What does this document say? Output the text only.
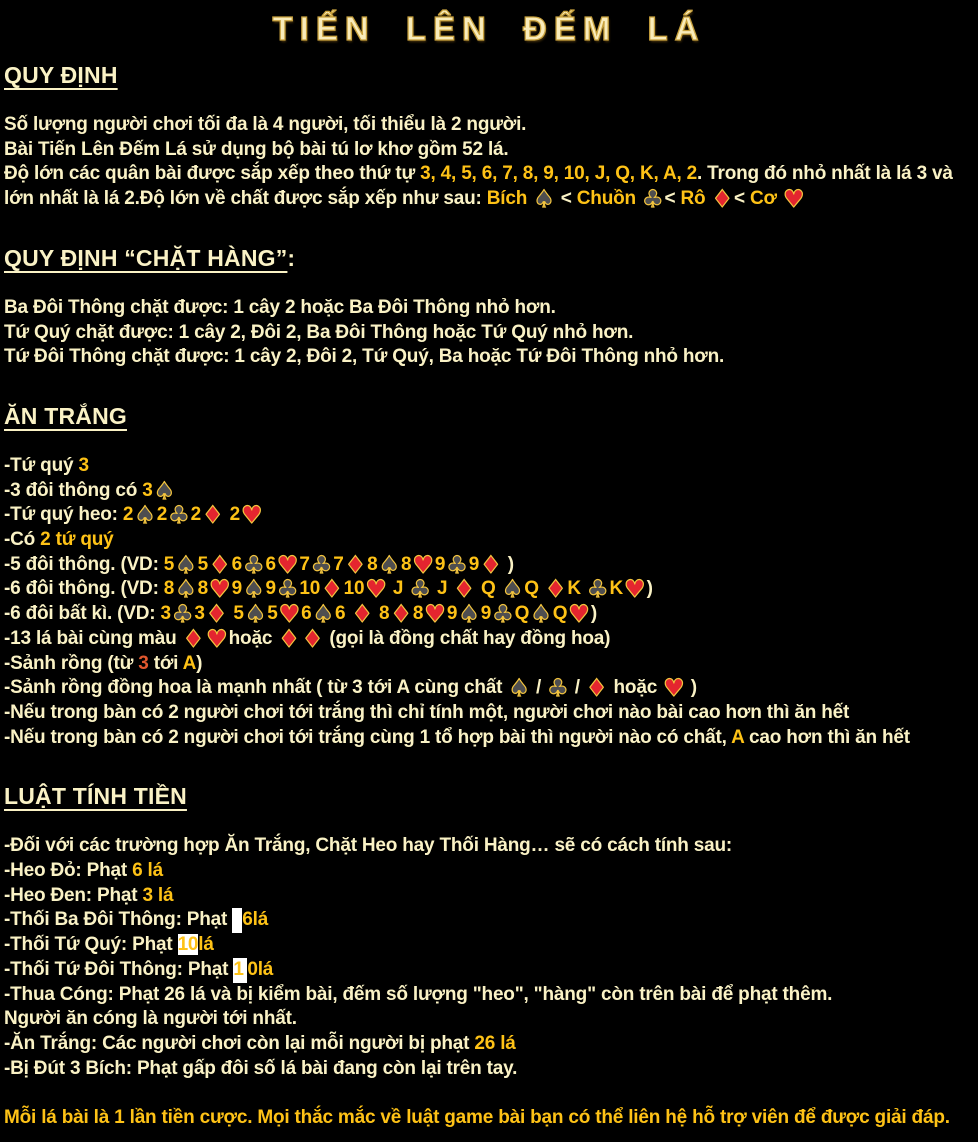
TIẾN LÊN ĐẾM LÁ
QUY ĐỊNH
Số lượng người chơi tối đa là 4 người, tối thiểu là 2 người.
Bài Tiến Lên Đếm Lá sử dụng bộ bài tú lơ khơ gồm 52 lá.
Độ lớn các quân bài được sắp xếp theo thứ tự 3, 4, 5, 6, 7, 8, 9, 10, J, Q, K, A, 2. Trong đó nhỏ nhất là lá 3 và lớn nhất là lá 2.Độ lớn về chất được sắp xếp như sau: Bích ♠ < Chuồn ♣< Rô ♦< Cơ ♥
QUY ĐỊNH “CHẶT HÀNG”:
Ba Đôi Thông chặt được: 1 cây 2 hoặc Ba Đôi Thông nhỏ hơn.
Tứ Quý chặt được: 1 cây 2, Đôi 2, Ba Đôi Thông hoặc Tứ Quý nhỏ hơn.
Tứ Đôi Thông chặt được: 1 cây 2, Đôi 2, Tứ Quý, Ba hoặc Tứ Đôi Thông nhỏ hơn.
ĂN TRẮNG
-Tứ quý 3
-3 đôi thông có 3♠
-Tứ quý heo: 2♠2♣2♦ 2♥
-Có 2 tứ quý
-5 đôi thông. (VD: 5♠5♦6♣6♥7♣7♦8♠8♥9♣9♦ )
-6 đôi thông. (VD: 8♠8♥9♠9♣10♦10♥ J ♣ J ♦ Q ♠Q ♦K ♣K♥)
-6 đôi bất kì. (VD: 3♣3♦ 5♠5♥6♠6 ♦ 8♦8♥9♠9♣Q♠Q♥)
-13 lá bài cùng màu ♦♥hoặc ♦♦ (gọi là đồng chất hay đồng hoa)
-Sảnh rồng (từ 3 tới A)
-Sảnh rồng đồng hoa là mạnh nhất ( từ 3 tới A cùng chất ♠ / ♣ / ♦ hoặc ♥ )
-Nếu trong bàn có 2 người chơi tới trắng thì chỉ tính một, người chơi nào bài cao hơn thì ăn hết
-Nếu trong bàn có 2 người chơi tới trắng cùng 1 tổ hợp bài thì người nào có chất, A cao hơn thì ăn hết
LUẬT TÍNH TIỀN
-Đối với các trường hợp Ăn Trắng, Chặt Heo hay Thối Hàng… sẽ có cách tính sau:
-Heo Đỏ: Phạt 6 lá
-Heo Đen: Phạt 3 lá
-Thối Ba Đôi Thông: Phạt  6lá
-Thối Tứ Quý: Phạt 10lá
-Thối Tứ Đôi Thông: Phạt 1 0lá
-Thua Cóng: Phạt 26 lá và bị kiểm bài, đếm số lượng "heo", "hàng" còn trên bài để phạt thêm.
Người ăn cóng là người tới nhất.
-Ăn Trắng: Các người chơi còn lại mỗi người bị phạt 26 lá
-Bị Đút 3 Bích: Phạt gấp đôi số lá bài đang còn lại trên tay.

Mỗi lá bài là 1 lần tiền cược. Mọi thắc mắc về luật game bài bạn có thể liên hệ hỗ trợ viên để được giải đáp.
